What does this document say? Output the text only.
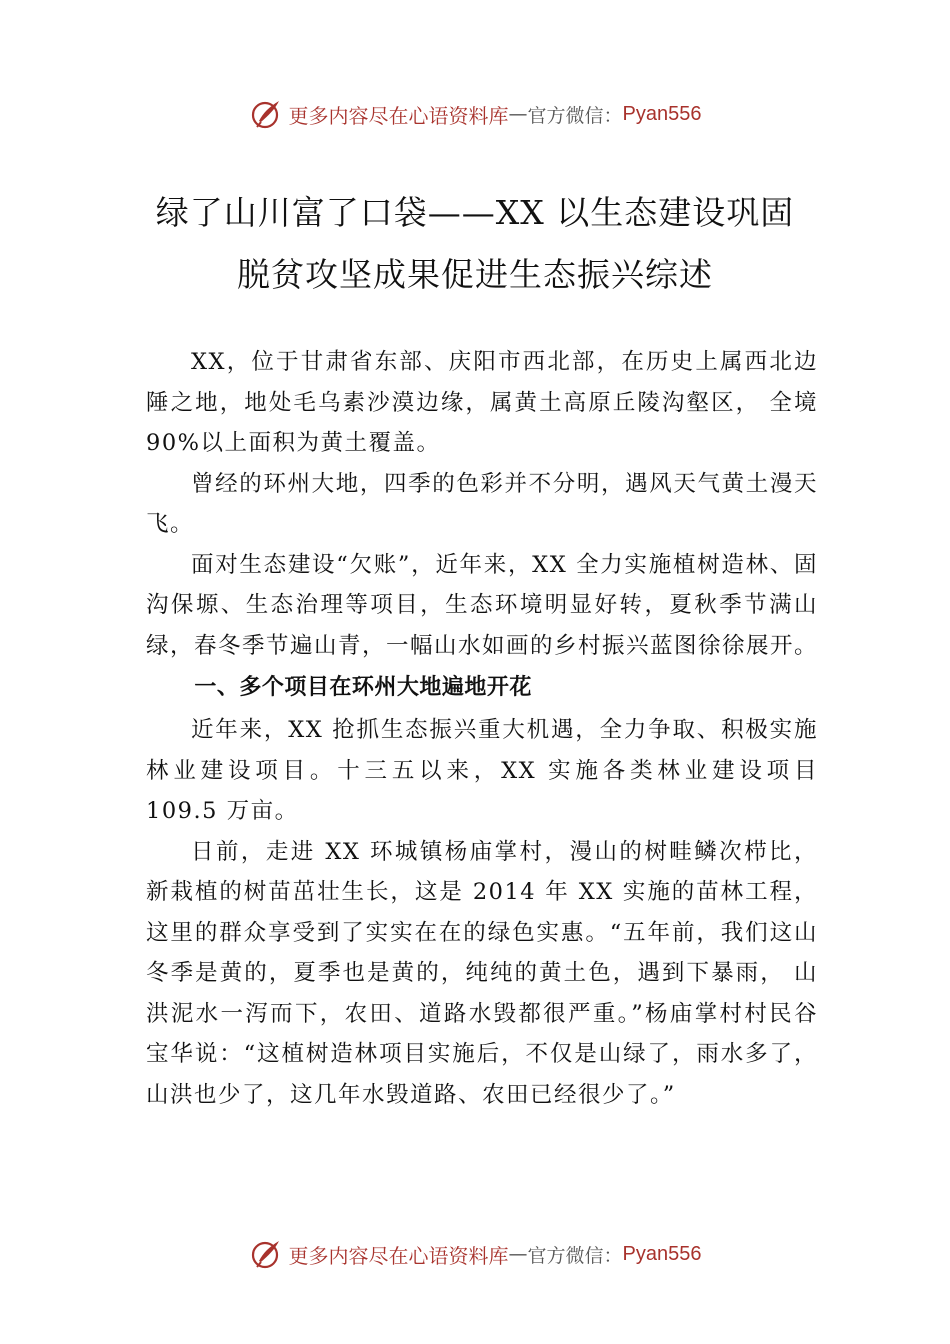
更多内容尽在心语资料库 — 官方微信： Pyan556
绿了山川富了口袋——XX 以生态建设巩固
脱贫攻坚成果促进生态振兴综述

XX，位于甘肃省东部、庆阳市西北部，在历史上属西北边陲之地，地处毛乌素沙漠边缘，属黄土高原丘陵沟壑区， 全境 90%以上面积为黄土覆盖。

曾经的环州大地，四季的色彩并不分明，遇风天气黄土漫天飞。

面对生态建设“欠账”，近年来，XX 全力实施植树造林、固沟保塬、生态治理等项目，生态环境明显好转，夏秋季节满山绿，春冬季节遍山青，一幅山水如画的乡村振兴蓝图徐徐展开。

一、多个项目在环州大地遍地开花

近年来，XX 抢抓生态振兴重大机遇，全力争取、积极实施林业建设项目。十三五以来，XX 实施各类林业建设项目 109.5 万亩。

日前，走进 XX 环城镇杨庙掌村，漫山的树畦鳞次栉比，新栽植的树苗茁壮生长，这是 2014 年 XX 实施的苗林工程，这里的群众享受到了实实在在的绿色实惠。“五年前，我们这山冬季是黄的，夏季也是黄的，纯纯的黄土色，遇到下暴雨， 山洪泥水一泻而下，农田、道路水毁都很严重。”杨庙掌村村民谷宝华说：“这植树造林项目实施后，不仅是山绿了，雨水多了，山洪也少了，这几年水毁道路、农田已经很少了。”

更多内容尽在心语资料库 — 官方微信： Pyan556
